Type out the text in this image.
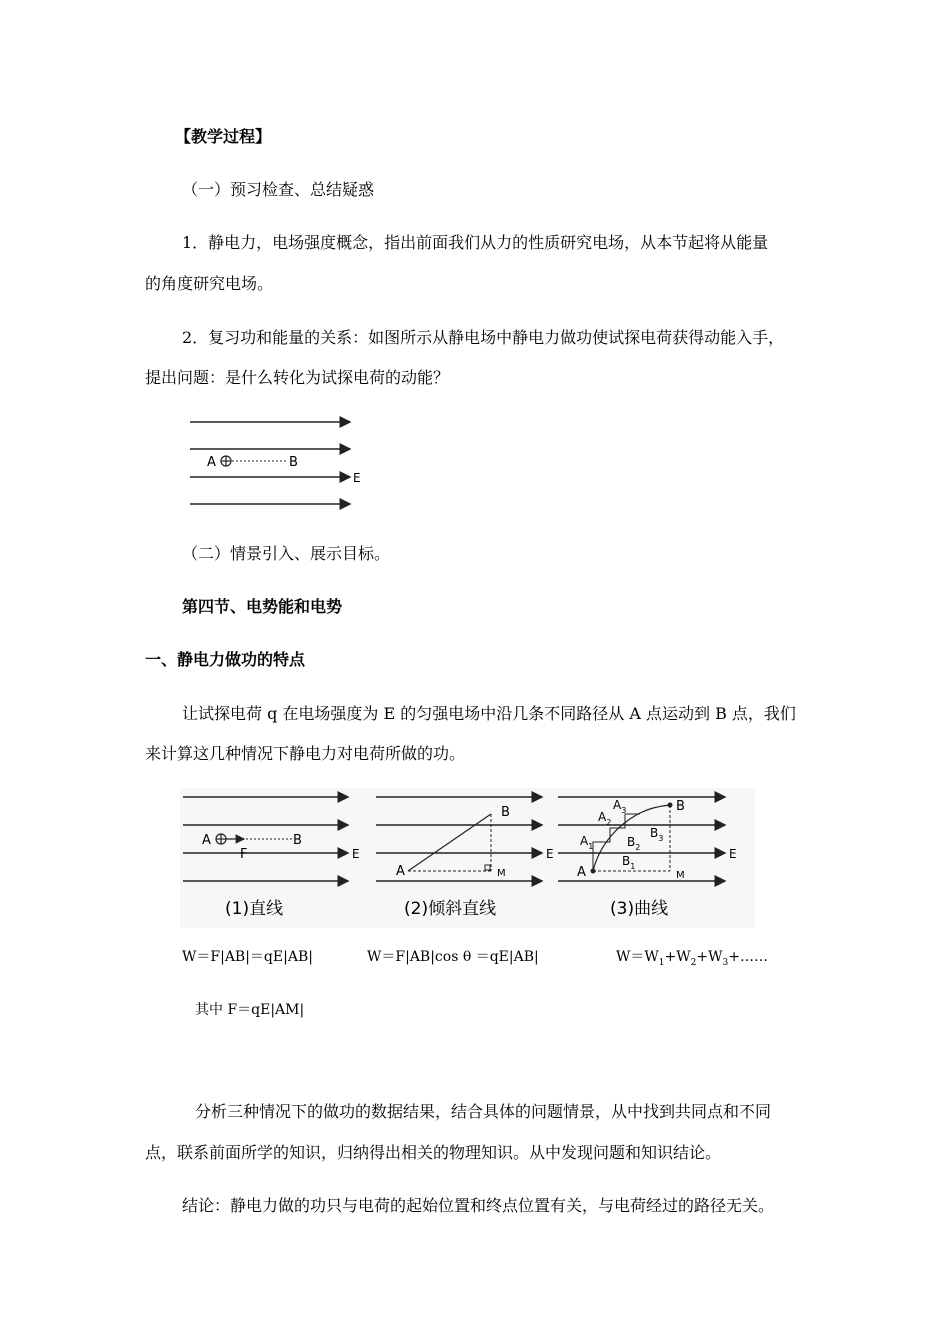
【教学过程】
（一）预习检查、总结疑惑
1．静电力，电场强度概念，指出前面我们从力的性质研究电场，从本节起将从能量
的角度研究电场。
2．复习功和能量的关系：如图所示从静电场中静电力做功使试探电荷获得动能入手，
提出问题：是什么转化为试探电荷的动能？
A	B
E
（二）情景引入、展示目标。
第四节、电势能和电势
一、静电力做功的特点
让试探电荷 q 在电场强度为 E 的匀强电场中沿几条不同路径从 A 点运动到 B 点，我们
来计算这几种情况下静电力对电荷所做的功。
A	B
F	E
(1)直线
A
B
M
E
(2)倾斜直线
A
B
M
$A_1$
$A_2$
$A_3$
$B_1$
$B_2$
$B_3$
E
(3)曲线
W＝F|AB|＝qE|AB|	W＝F|AB|cos θ ＝qE|AB|	$W=W_1+W_2+W_3+\dots\dots$
其中 F＝qE|AM|
分析三种情况下的做功的数据结果，结合具体的问题情景，从中找到共同点和不同
点，联系前面所学的知识，归纳得出相关的物理知识。从中发现问题和知识结论。
结论：静电力做的功只与电荷的起始位置和终点位置有关，与电荷经过的路径无关。
